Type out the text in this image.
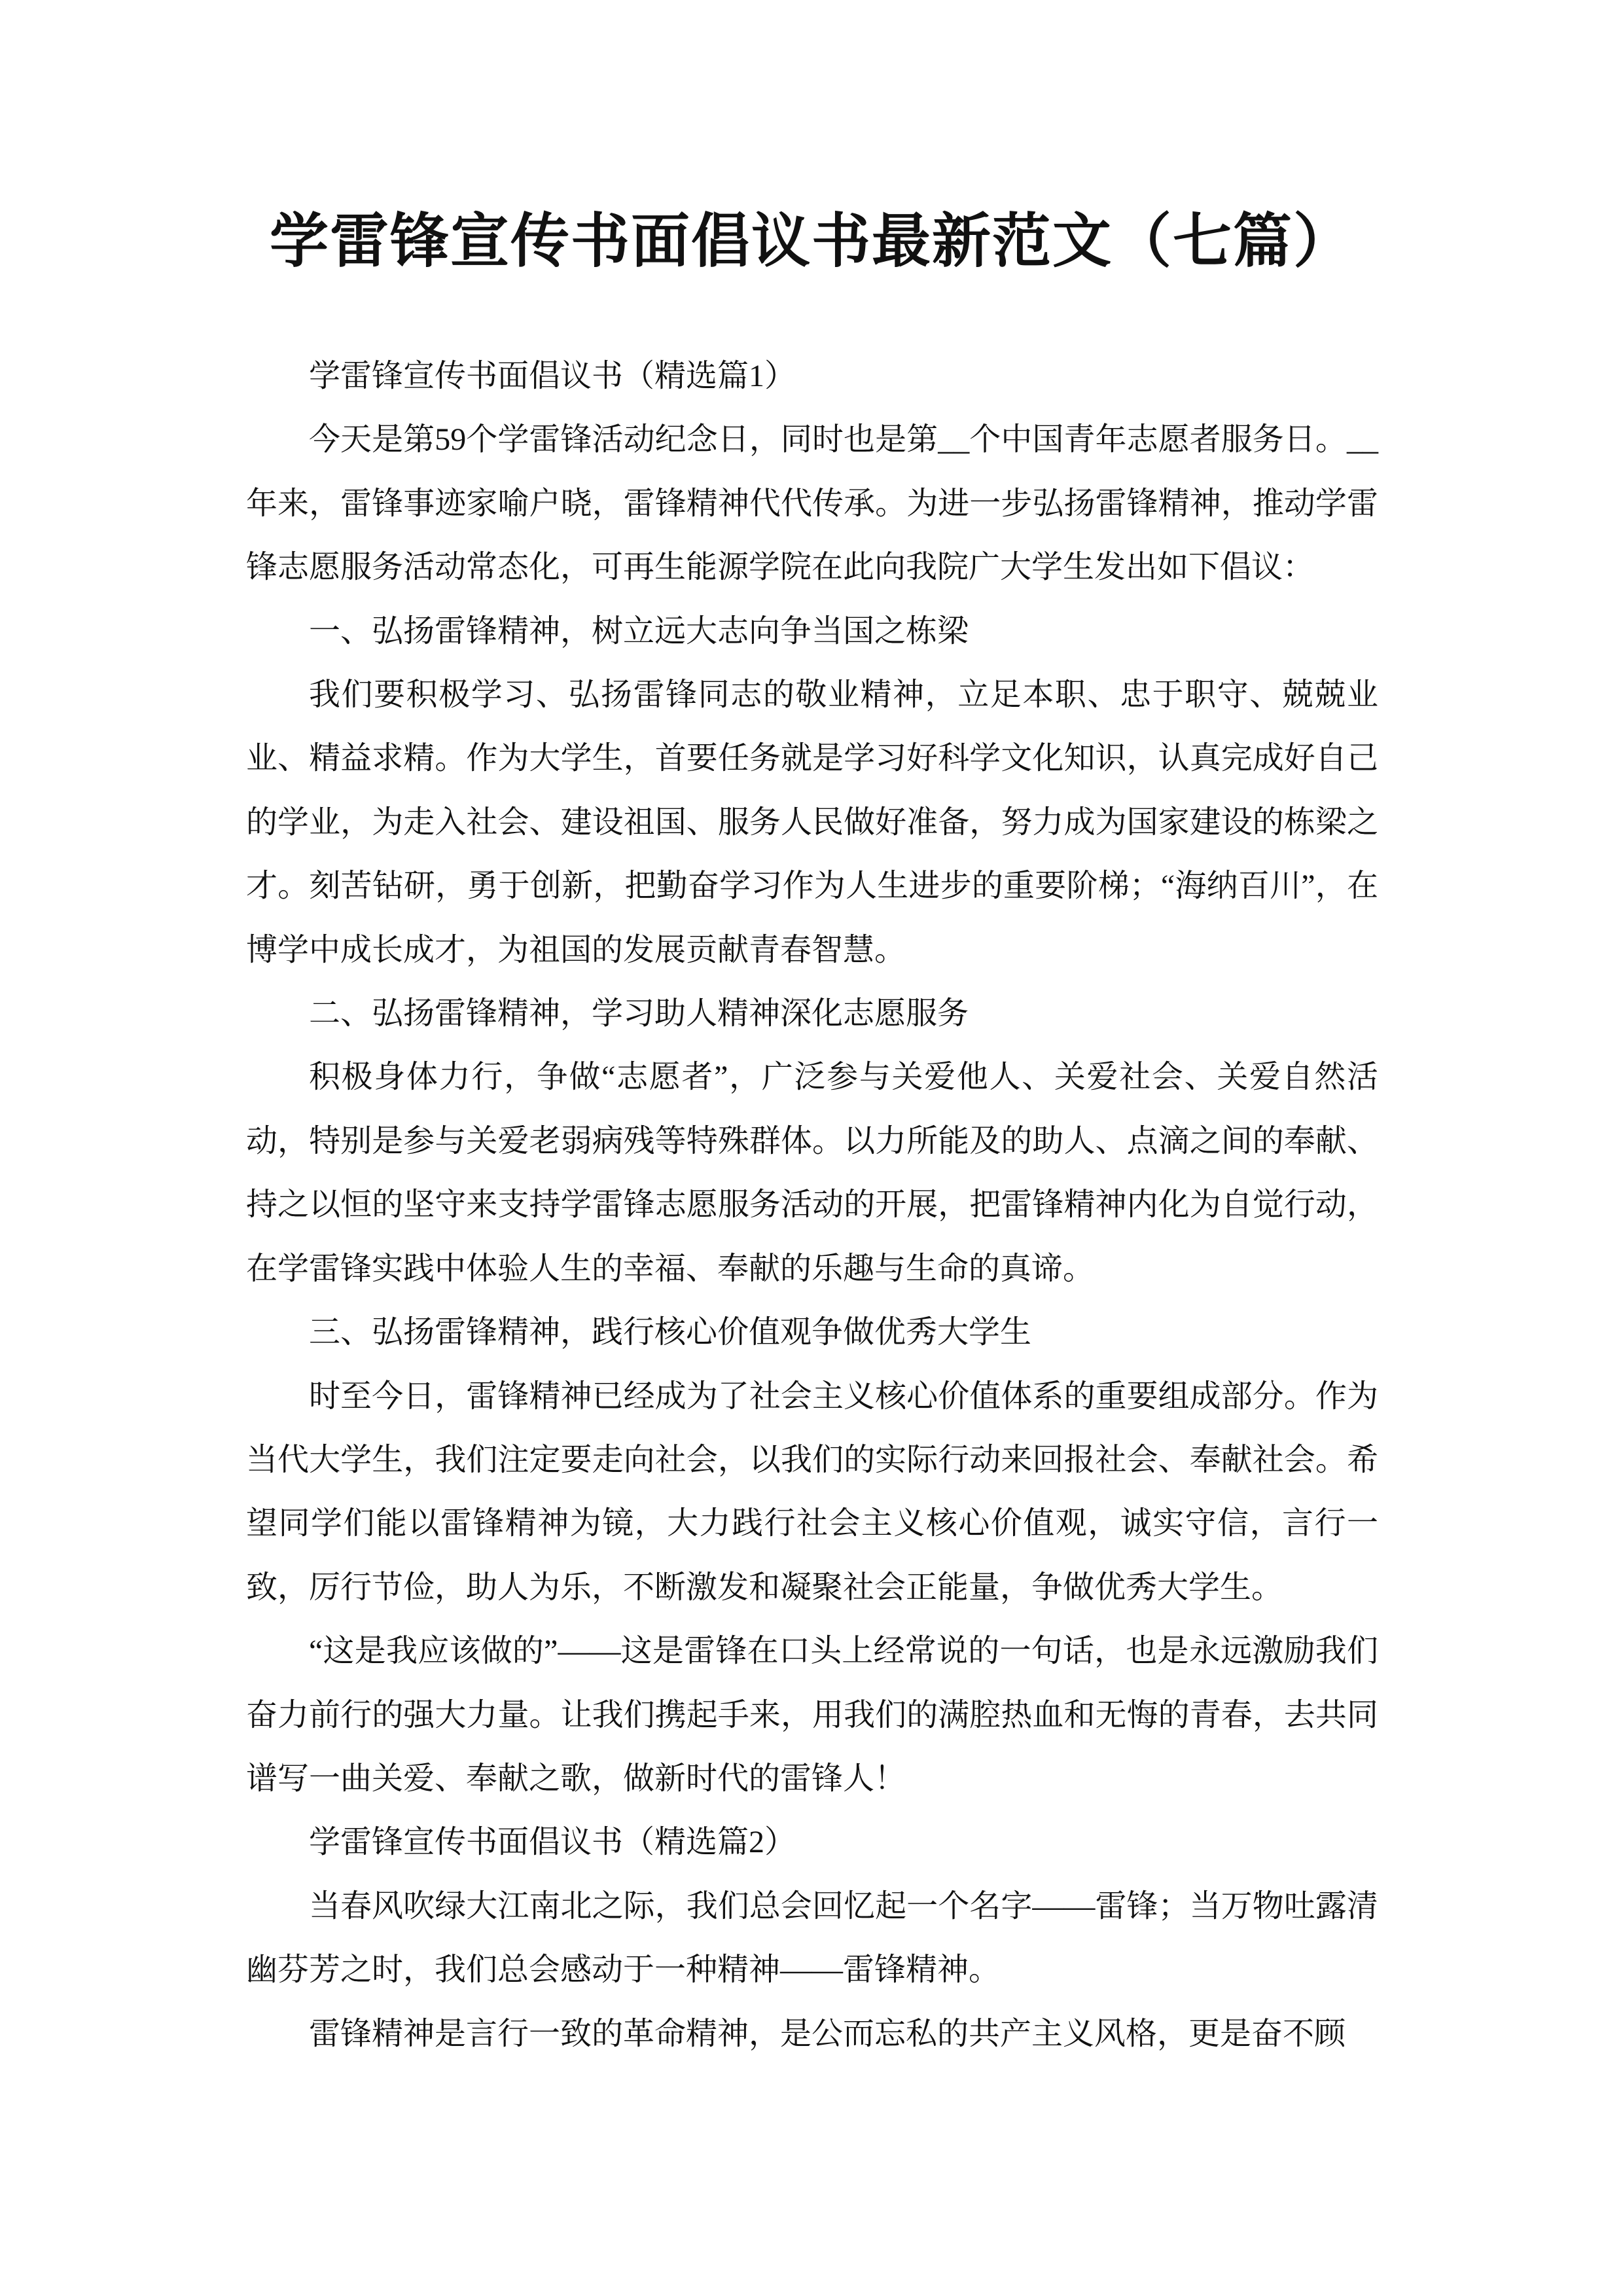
学雷锋宣传书面倡议书最新范文（七篇）

学雷锋宣传书面倡议书（精选篇1）

今天是第59个学雷锋活动纪念日，同时也是第__个中国青年志愿者服务日。__年来，雷锋事迹家喻户晓，雷锋精神代代传承。为进一步弘扬雷锋精神，推动学雷锋志愿服务活动常态化，可再生能源学院在此向我院广大学生发出如下倡议：

一、弘扬雷锋精神，树立远大志向争当国之栋梁

我们要积极学习、弘扬雷锋同志的敬业精神，立足本职、忠于职守、兢兢业业、精益求精。作为大学生，首要任务就是学习好科学文化知识，认真完成好自己的学业，为走入社会、建设祖国、服务人民做好准备，努力成为国家建设的栋梁之才。刻苦钻研，勇于创新，把勤奋学习作为人生进步的重要阶梯；“海纳百川”，在博学中成长成才，为祖国的发展贡献青春智慧。

二、弘扬雷锋精神，学习助人精神深化志愿服务

积极身体力行，争做“志愿者”，广泛参与关爱他人、关爱社会、关爱自然活动，特别是参与关爱老弱病残等特殊群体。以力所能及的助人、点滴之间的奉献、持之以恒的坚守来支持学雷锋志愿服务活动的开展，把雷锋精神内化为自觉行动，在学雷锋实践中体验人生的幸福、奉献的乐趣与生命的真谛。

三、弘扬雷锋精神，践行核心价值观争做优秀大学生

时至今日，雷锋精神已经成为了社会主义核心价值体系的重要组成部分。作为当代大学生，我们注定要走向社会，以我们的实际行动来回报社会、奉献社会。希望同学们能以雷锋精神为镜，大力践行社会主义核心价值观，诚实守信，言行一致，厉行节俭，助人为乐，不断激发和凝聚社会正能量，争做优秀大学生。

“这是我应该做的”——这是雷锋在口头上经常说的一句话，也是永远激励我们奋力前行的强大力量。让我们携起手来，用我们的满腔热血和无悔的青春，去共同谱写一曲关爱、奉献之歌，做新时代的雷锋人！

学雷锋宣传书面倡议书（精选篇2）

当春风吹绿大江南北之际，我们总会回忆起一个名字——雷锋；当万物吐露清幽芬芳之时，我们总会感动于一种精神——雷锋精神。

雷锋精神是言行一致的革命精神，是公而忘私的共产主义风格，更是奋不顾
